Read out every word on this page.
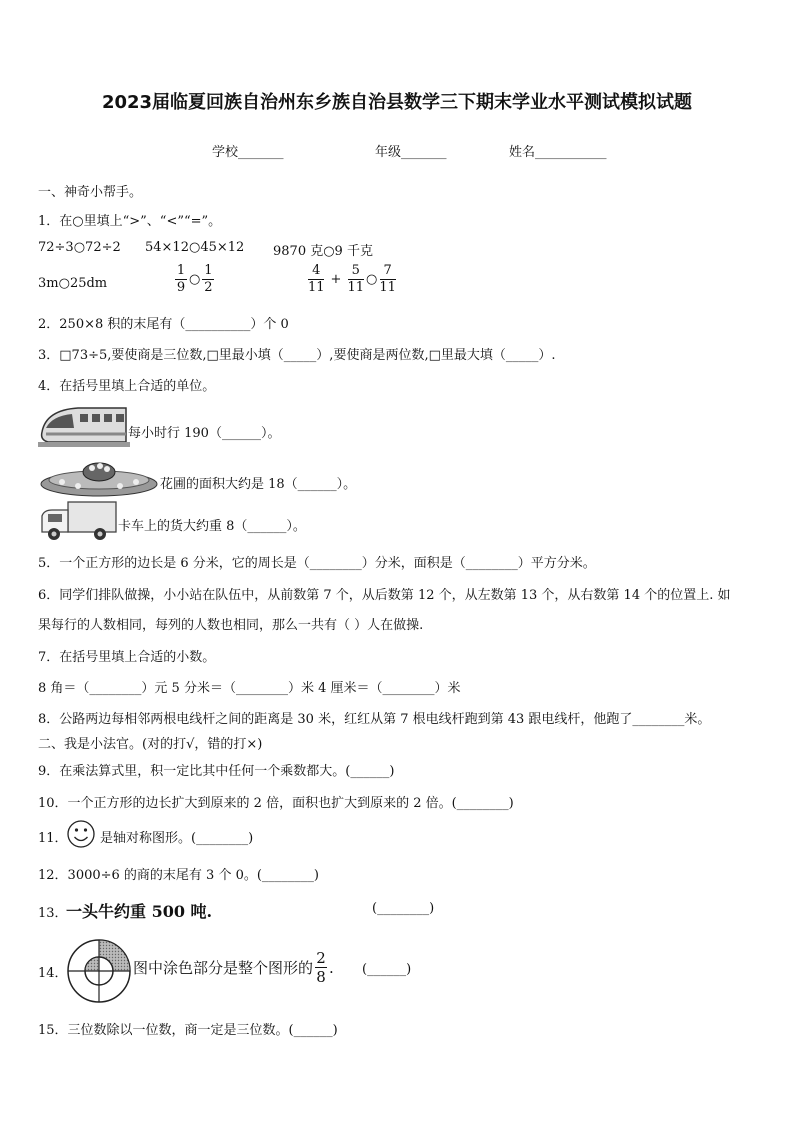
2023届临夏回族自治州东乡族自治县数学三下期末学业水平测试模拟试题
学校_______	年级_______	姓名___________
一、神奇小帮手。
1．在○里填上“>”、“<”“=”。
72÷3○72÷2 54×12○45×12 9870 克○9 千克
3m○25dm	$\frac{1}{9}$ ○ $\frac{1}{2}$	$\frac{4}{11} + \frac{5}{11}$ ○ $\frac{7}{11}$
2．250×8 积的末尾有（__________）个 0
3．□73÷5,要使商是三位数,□里最小填（_____）,要使商是两位数,□里最大填（_____）.
4．在括号里填上合适的单位。
每小时行 190（______）。
花圃的面积大约是 18（______）。
卡车上的货大约重 8（______）。
5．一个正方形的边长是 6 分米，它的周长是（________）分米，面积是（________）平方分米。
6．同学们排队做操，小小站在队伍中，从前数第 7 个，从后数第 12 个，从左数第 13 个，从右数第 14 个的位置上. 如
果每行的人数相同，每列的人数也相同，那么一共有（ ）人在做操.
7．在括号里填上合适的小数。
8 角＝（________）元 5 分米＝（________）米 4 厘米＝（________）米
8．公路两边每相邻两根电线杆之间的距离是 30 米，红红从第 7 根电线杆跑到第 43 跟电线杆，他跑了________米。
二、我是小法官。(对的打√，错的打×)
9．在乘法算式里，积一定比其中任何一个乘数都大。(______)
10．一个正方形的边长扩大到原来的 2 倍，面积也扩大到原来的 2 倍。(________)
11． 是轴对称图形。(________)
12．3000÷6 的商的末尾有 3 个 0。(________)
13．
一头牛约重 500 吨.	(________)
14．	图中涂色部分是整个图形的 $\frac{2}{8}$ . (______)
15．三位数除以一位数，商一定是三位数。(______)
